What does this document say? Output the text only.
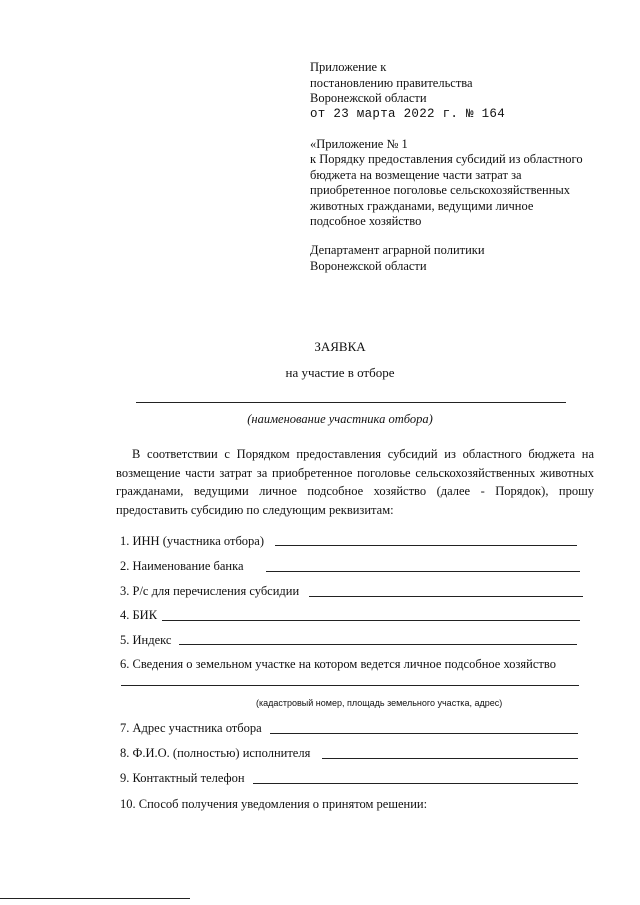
Приложение к
постановлению правительства
Воронежской области
от 23 марта 2022 г. № 164
«Приложение № 1
к Порядку предоставления субсидий из областного
бюджета на возмещение части затрат за
приобретенное поголовье сельскохозяйственных
животных гражданами, ведущими личное
подсобное хозяйство
Департамент аграрной политики
Воронежской области
ЗАЯВКА
на участие в отборе
(наименование участника отбора)

В соответствии с Порядком предоставления субсидий из областного бюджета на возмещение части затрат за приобретенное поголовье сельскохозяйственных животных гражданами, ведущими личное подсобное хозяйство (далее - Порядок), прошу предоставить субсидию по следующим реквизитам:

1. ИНН (участника отбора)
2. Наименование банка
3. Р/с для перечисления субсидии
4. БИК
5. Индекс
6. Сведения о земельном участке на котором ведется личное подсобное хозяйство
(кадастровый номер, площадь земельного участка, адрес)
7. Адрес участника отбора
8. Ф.И.О. (полностью) исполнителя
9. Контактный телефон
10. Способ получения уведомления о принятом решении:
